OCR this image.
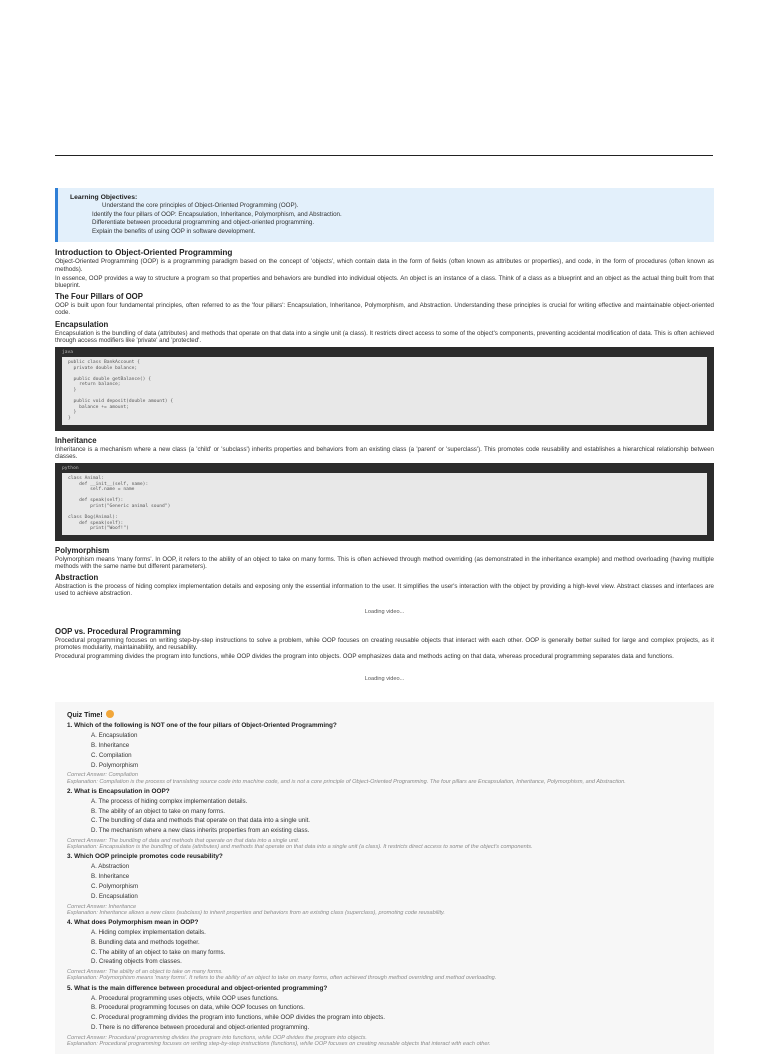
Learning Objectives:
Understand the core principles of Object-Oriented Programming (OOP).
Identify the four pillars of OOP: Encapsulation, Inheritance, Polymorphism, and Abstraction.
Differentiate between procedural programming and object-oriented programming.
Explain the benefits of using OOP in software development.
Introduction to Object-Oriented Programming

Object-Oriented Programming (OOP) is a programming paradigm based on the concept of 'objects', which contain data in the form of fields (often known as attributes or properties), and code, in the form of procedures (often known as methods).

In essence, OOP provides a way to structure a program so that properties and behaviors are bundled into individual objects. An object is an instance of a class. Think of a class as a blueprint and an object as the actual thing built from that blueprint.

The Four Pillars of OOP

OOP is built upon four fundamental principles, often referred to as the 'four pillars': Encapsulation, Inheritance, Polymorphism, and Abstraction. Understanding these principles is crucial for writing effective and maintainable object-oriented code.

Encapsulation

Encapsulation is the bundling of data (attributes) and methods that operate on that data into a single unit (a class). It restricts direct access to some of the object's components, preventing accidental modification of data. This is often achieved through access modifiers like 'private' and 'protected'.

java
public class BankAccount {
private double balance;

public double getBalance() {
return balance;
}

public void deposit(double amount) {
balance += amount;
}
}
Inheritance

Inheritance is a mechanism where a new class (a 'child' or 'subclass') inherits properties and behaviors from an existing class (a 'parent' or 'superclass'). This promotes code reusability and establishes a hierarchical relationship between classes.

python
class Animal:
def __init__(self, name):
self.name = name

def speak(self):
print("Generic animal sound")

class Dog(Animal):
def speak(self):
print("Woof!")
Polymorphism

Polymorphism means 'many forms'. In OOP, it refers to the ability of an object to take on many forms. This is often achieved through method overriding (as demonstrated in the inheritance example) and method overloading (having multiple methods with the same name but different parameters).

Abstraction

Abstraction is the process of hiding complex implementation details and exposing only the essential information to the user. It simplifies the user's interaction with the object by providing a high-level view. Abstract classes and interfaces are used to achieve abstraction.

Loading video...
OOP vs. Procedural Programming

Procedural programming focuses on writing step-by-step instructions to solve a problem, while OOP focuses on creating reusable objects that interact with each other. OOP is generally better suited for large and complex projects, as it promotes modularity, maintainability, and reusability.

Procedural programming divides the program into functions, while OOP divides the program into objects. OOP emphasizes data and methods acting on that data, whereas procedural programming separates data and functions.

Loading video...
Quiz Time!
1. Which of the following is NOT one of the four pillars of Object-Oriented Programming?
A. Encapsulation
B. Inheritance
C. Compilation
D. Polymorphism
Correct Answer: Compilation
Explanation: Compilation is the process of translating source code into machine code, and is not a core principle of Object-Oriented Programming. The four pillars are Encapsulation, Inheritance, Polymorphism, and Abstraction.
2. What is Encapsulation in OOP?
A. The process of hiding complex implementation details.
B. The ability of an object to take on many forms.
C. The bundling of data and methods that operate on that data into a single unit.
D. The mechanism where a new class inherits properties from an existing class.
Correct Answer: The bundling of data and methods that operate on that data into a single unit.
Explanation: Encapsulation is the bundling of data (attributes) and methods that operate on that data into a single unit (a class). It restricts direct access to some of the object's components.
3. Which OOP principle promotes code reusability?
A. Abstraction
B. Inheritance
C. Polymorphism
D. Encapsulation
Correct Answer: Inheritance
Explanation: Inheritance allows a new class (subclass) to inherit properties and behaviors from an existing class (superclass), promoting code reusability.
4. What does Polymorphism mean in OOP?
A. Hiding complex implementation details.
B. Bundling data and methods together.
C. The ability of an object to take on many forms.
D. Creating objects from classes.
Correct Answer: The ability of an object to take on many forms.
Explanation: Polymorphism means 'many forms'. It refers to the ability of an object to take on many forms, often achieved through method overriding and method overloading.
5. What is the main difference between procedural and object-oriented programming?
A. Procedural programming uses objects, while OOP uses functions.
B. Procedural programming focuses on data, while OOP focuses on functions.
C. Procedural programming divides the program into functions, while OOP divides the program into objects.
D. There is no difference between procedural and object-oriented programming.
Correct Answer: Procedural programming divides the program into functions, while OOP divides the program into objects.
Explanation: Procedural programming focuses on writing step-by-step instructions (functions), while OOP focuses on creating reusable objects that interact with each other.
